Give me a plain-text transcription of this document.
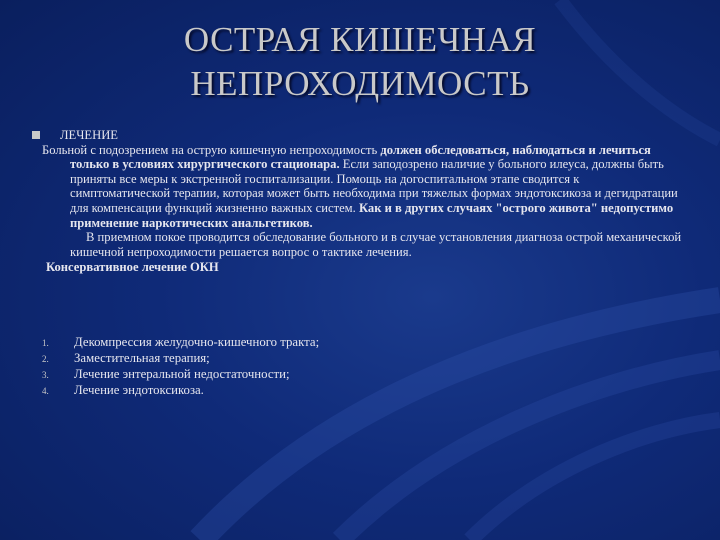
ОСТРАЯ КИШЕЧНАЯ
НЕПРОХОДИМОСТЬ
ЛЕЧЕНИЕ

Больной с подозрением на острую кишечную непроходимость должен обследоваться, наблюдаться и лечиться только в условиях хирургического стационара. Если заподозрено наличие у больного илеуса, должны быть приняты все меры к экстренной госпитализации. Помощь на догоспитальном этапе сводится к симптоматической терапии, которая может быть необходима при тяжелых формах эндотоксикоза и дегидратации для компенсации функций жизненно важных систем. Как и в других случаях "острого живота" недопустимо применение наркотических анальгетиков.

В приемном покое проводится обследование больного и в случае установления диагноза острой механической кишечной непроходимости решается вопрос о тактике лечения.

Консервативное лечение ОКН
1. Декомпрессия желудочно-кишечного тракта;
2. Заместительная терапия;
3. Лечение энтеральной недостаточности;
4. Лечение эндотоксикоза.
